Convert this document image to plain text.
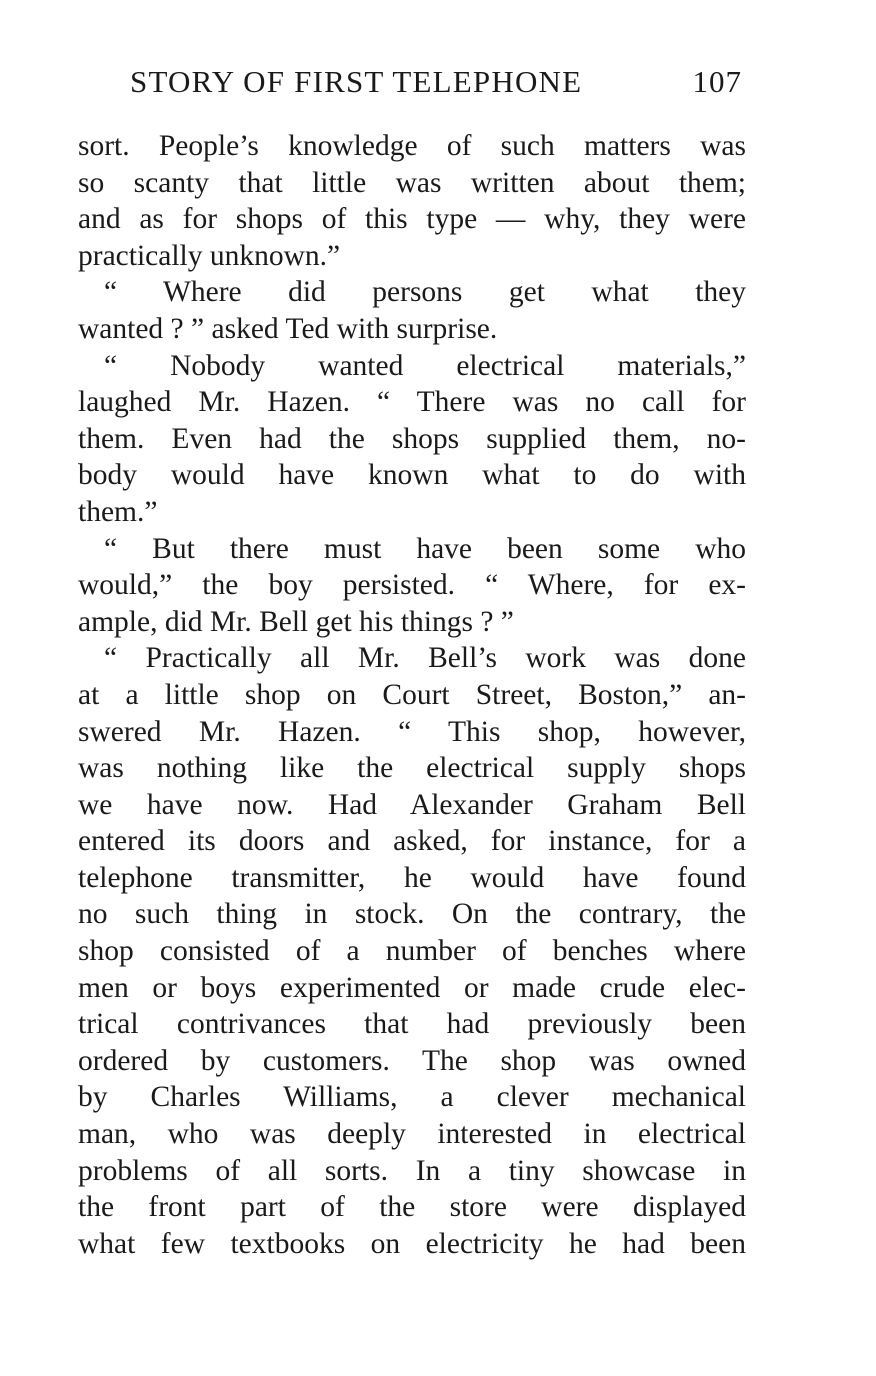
STORY OF FIRST TELEPHONE	107
sort. People’s knowledge of such matters was
so scanty that little was written about them;
and as for shops of this type — why, they were
practically unknown.”
“ Where did persons get what they
wanted ? ” asked Ted with surprise.
“ Nobody wanted electrical materials,”
laughed Mr. Hazen. “ There was no call for
them. Even had the shops supplied them, no-
body would have known what to do with
them.”
“ But there must have been some who
would,” the boy persisted. “ Where, for ex-
ample, did Mr. Bell get his things ? ”
“ Practically all Mr. Bell’s work was done
at a little shop on Court Street, Boston,” an-
swered Mr. Hazen. “ This shop, however,
was nothing like the electrical supply shops
we have now. Had Alexander Graham Bell
entered its doors and asked, for instance, for a
telephone transmitter, he would have found
no such thing in stock. On the contrary, the
shop consisted of a number of benches where
men or boys experimented or made crude elec-
trical contrivances that had previously been
ordered by customers. The shop was owned
by Charles Williams, a clever mechanical
man, who was deeply interested in electrical
problems of all sorts. In a tiny showcase in
the front part of the store were displayed
what few textbooks on electricity he had been
